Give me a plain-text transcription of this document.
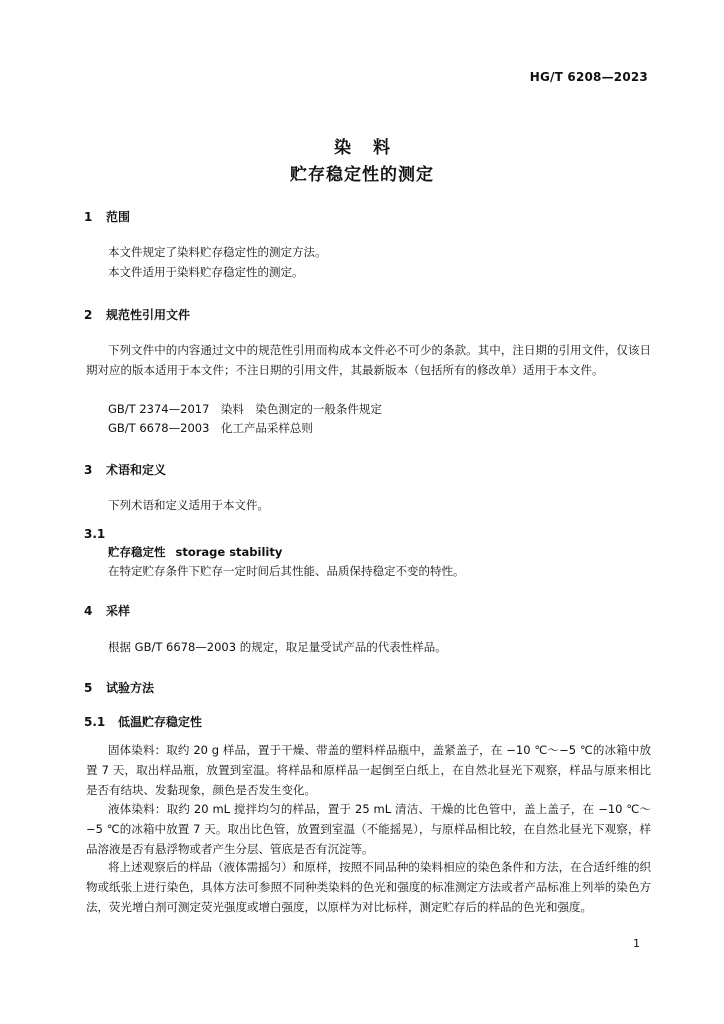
HG/T 6208—2023
染料
贮存稳定性的测定
1 范围
本文件规定了染料贮存稳定性的测定方法。
本文件适用于染料贮存稳定性的测定。
2 规范性引用文件
下列文件中的内容通过文中的规范性引用而构成本文件必不可少的条款。其中，注日期的引用文件，仅该日期对应的版本适用于本文件；不注日期的引用文件，其最新版本（包括所有的修改单）适用于本文件。
GB/T 2374—2017　染料　染色测定的一般条件规定
GB/T 6678—2003　化工产品采样总则
3 术语和定义
下列术语和定义适用于本文件。
3.1
贮存稳定性 storage stability
在特定贮存条件下贮存一定时间后其性能、品质保持稳定不变的特性。
4 采样
根据 GB/T 6678—2003 的规定，取足量受试产品的代表性样品。
5 试验方法
5.1 低温贮存稳定性
固体染料：取约 20 g 样品，置于干燥、带盖的塑料样品瓶中，盖紧盖子，在 −10 ℃～−5 ℃的冰箱中放置 7 天，取出样品瓶，放置到室温。将样品和原样品一起倒至白纸上，在自然北昼光下观察，样品与原来相比是否有结块、发黏现象，颜色是否发生变化。
液体染料：取约 20 mL 搅拌均匀的样品，置于 25 mL 清洁、干燥的比色管中，盖上盖子，在 −10 ℃～−5 ℃的冰箱中放置 7 天。取出比色管，放置到室温（不能摇晃），与原样品相比较，在自然北昼光下观察，样品溶液是否有悬浮物或者产生分层、管底是否有沉淀等。
将上述观察后的样品（液体需摇匀）和原样，按照不同品种的染料相应的染色条件和方法，在合适纤维的织物或纸张上进行染色，具体方法可参照不同种类染料的色光和强度的标准测定方法或者产品标准上列举的染色方法，荧光增白剂可测定荧光强度或增白强度，以原样为对比标样，测定贮存后的样品的色光和强度。
1
